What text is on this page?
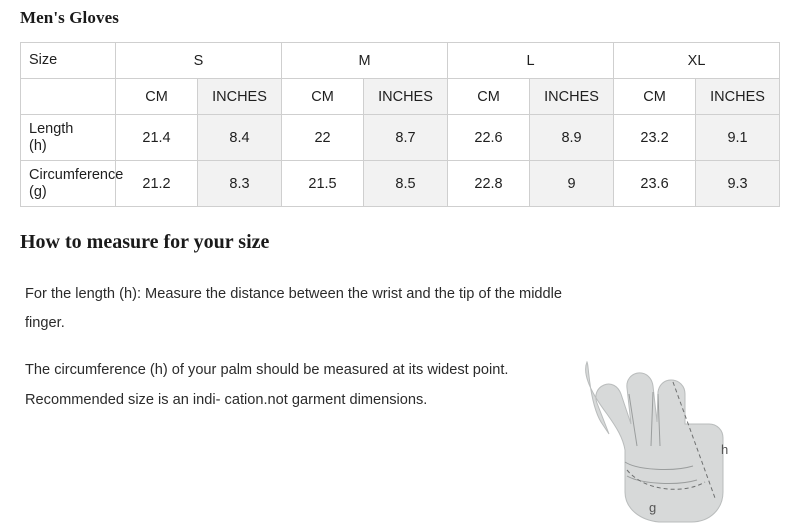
Men's Gloves
Size	S		M		L		XL	
	CM	INCHES	CM	INCHES	CM	INCHES	CM	INCHES
Length
(h)	21.4	8.4	22	8.7	22.6	8.9	23.2	9.1
Circumference
(g)	21.2	8.3	21.5	8.5	22.8	9	23.6	9.3
How to measure for your size
For the length (h): Measure the distance between the wrist and the tip of the middle finger.
The circumference (h) of your palm should be measured at its widest point. Recommended size is an indi- cation.not garment dimensions.
h
g
